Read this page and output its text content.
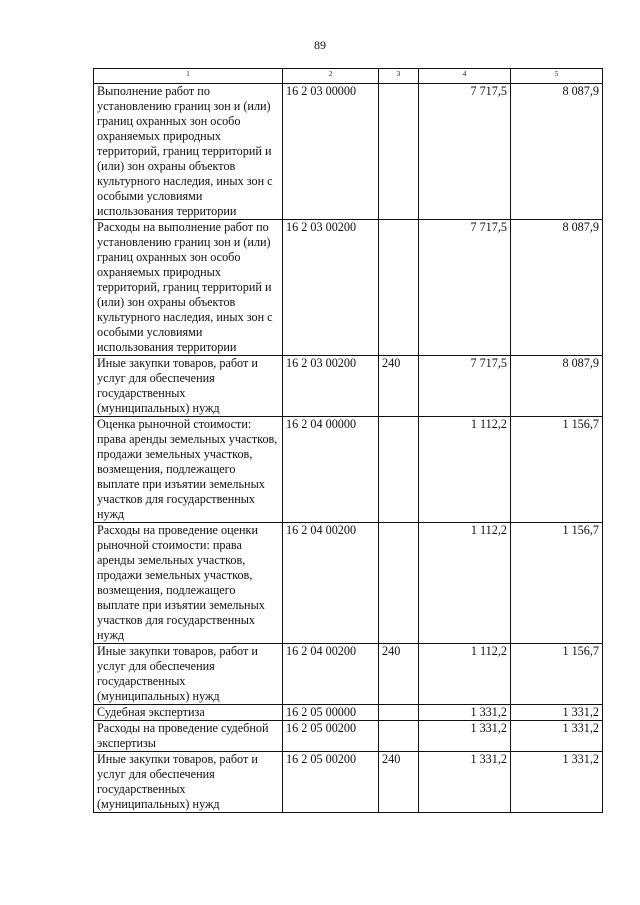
89
1	2	3	4	5
Выполнение работ по установлению границ зон и (или) границ охранных зон особо охраняемых природных территорий, границ территорий и (или) зон охраны объектов культурного наследия, иных зон с особыми условиями использования территории	16 2 03 00000		7 717,5	8 087,9
Расходы на выполнение работ по установлению границ зон и (или) границ охранных зон особо охраняемых природных территорий, границ территорий и (или) зон охраны объектов культурного наследия, иных зон с особыми условиями использования территории	16 2 03 00200		7 717,5	8 087,9
Иные закупки товаров, работ и услуг для обеспечения государственных (муниципальных) нужд	16 2 03 00200	240	7 717,5	8 087,9
Оценка рыночной стоимости: права аренды земельных участков, продажи земельных участков, возмещения, подлежащего выплате при изъятии земельных участков для государственных нужд	16 2 04 00000		1 112,2	1 156,7
Расходы на проведение оценки рыночной стоимости: права аренды земельных участков, продажи земельных участков, возмещения, подлежащего выплате при изъятии земельных участков для государственных нужд	16 2 04 00200		1 112,2	1 156,7
Иные закупки товаров, работ и услуг для обеспечения государственных (муниципальных) нужд	16 2 04 00200	240	1 112,2	1 156,7
Судебная экспертиза	16 2 05 00000		1 331,2	1 331,2
Расходы на проведение судебной экспертизы	16 2 05 00200		1 331,2	1 331,2
Иные закупки товаров, работ и услуг для обеспечения государственных (муниципальных) нужд	16 2 05 00200	240	1 331,2	1 331,2
